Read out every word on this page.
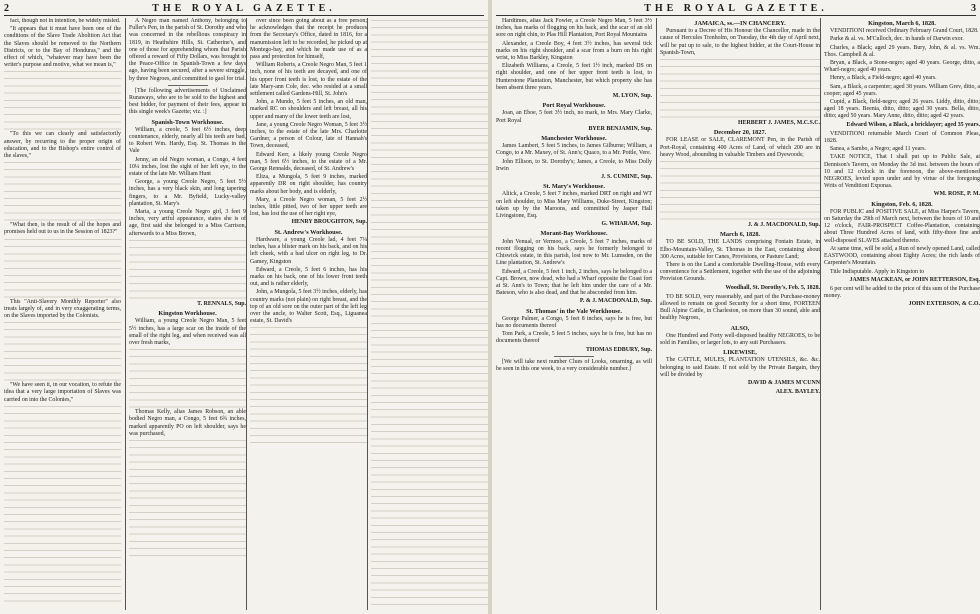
2	THE ROYAL GAZETTE.

fact, though not in intention, be widely misled.

"It appears that it must have been one of the conditions of the Slave Trade Abolition Act that the Slaves should be removed to the Northern Districts, or to the Bay of Honduras," and the effect of which, "whatever may have been the writer's purpose and motive, what we mean is,"

"To this we can clearly and satisfactorily answer, by recurring to the proper origin of education, and to the Bishop's entire control of the slaves,"

"What then, is the result of all the hopes and promises held out to us in the Session of 1823?"

This "Anti-Slavery Monthly Reporter" also treats largely of, and in very exaggerating terms, on the Slaves imported by the Colonists.

"We have seen it, in our vocation, to refute the idea that a very large importation of Slaves was carried on into the Colonies,"

A Negro man named Anthony, belonging to Fuller's Pen, in the parish of St. Dorothy and who was concerned in the rebellious conspiracy in 1819, in Heathshire Hills, St. Catherine's, and one of those for apprehending whom that Parish offered a reward of Fifty Dollars, was brought to the Peace-Office in Spanish-Town a few days ago, having been secured, after a severe struggle, by three Negroes, and committed to gaol for trial.

[The following advertisements of Unclaimed Runaways, who are to be sold to the highest and best bidder, for payment of their fees, appear in this single week's Gazette; viz. :]

Spanish-Town Workhouse.

William, a creole, 5 feet 6½ inches, deep countenance, elderly, nearly all his teeth are bad, to Robert Wm. Hardy, Esq. St. Thomas in the Vale

Jenny, an old Negro woman, a Congo, 4 feet 10¼ inches, lost the sight of her left eye, to the estate of the late Mr. William Hunt

George, a young Creole Negro, 5 feet 5½ inches, has a very black skin, and long tapering fingers, to a Mr. Byfield, Lucky-valley plantation, St. Mary's

Maria, a young Creole Negro girl, 3 feet 9 inches, very artful appearance, states she is of age, first said she belonged to a Miss Carrison, afterwards to a Miss Brown,

T. RENNALS, Sup.
Kingston Workhouse.

William, a young Creole Negro Man, 5 feet 5½ inches, has a large scar on the inside of the small of the right leg, and when received was all over fresh marks,

Thomas Kelly, alias James Robson, an able bodied Negro man, a Congo, 5 feet 6¾ inches, marked apparently PO on left shoulder, says he was purchased,

over since been going about as a free person; he acknowledges that the receipt he produces from the Secretary's Office, dated in 1816, for a manumission left to be recorded, he picked up at Montego-bay, and which he made use of as a pass and protection for himself,

William Roberts, a Creole Negro Man, 5 feet 1 inch, none of his teeth are decayed, and one of his upper front teeth is lost, to the estate of the late Mary-ann Cole, dec. who resided at a small settlement called Gardens-Hill, St. John's

John, a Mundo, 5 feet 5 inches, an old man, marked RC on shoulders and left breast, all his upper and many of the lower teeth are lost,

Jane, a young Creole Negro Woman, 5 feet 3½ inches, to the estate of the late Mrs. Charlotte Gardner, a person of Colour, late of Hannah's Town, deceased,

Edward Kerr, a likely young Creole Negro man, 5 feet 6½ inches, to the estate of a Mr. George Rennalds, deceased, of St. Andrew's

Eliza, a Mungola, 5 feet 9 inches, marked apparently DR on right shoulder, has country marks about her body, and is elderly,

Mary, a Creole Negro woman, 5 feet 2½ inches, little pitted, two of her upper teeth are lost, has lost the use of her right eye,

HENRY BROUGHTON, Sup.
St. Andrew's Workhouse.

Hardware, a young Creole lad, 4 feet 7¼ inches, has a blister mark on his back, and on his left cheek, with a bad ulcer on right leg, to Dr. Gamey, Kingston

Edward, a Creole, 5 feet 6 inches, has his marks on his back, one of his lower front teeth out, and is rather elderly,

John, a Mungola, 5 feet 3½ inches, elderly, has country marks (not plain) on right breast, and the top of an old sore on the outer part of the left leg over the ancle, to Walter Scott, Esq., Liguanea estate, St. David's

THE ROYAL GAZETTE.	3

Hardtimes, alias Jack Fowler, a Creole Negro Man, 5 feet 3½ inches, has marks of flogging on his back, and the scar of an old sore on right chin, to Plas Hill Plantation, Port Royal Mountains

Alexander, a Creole Boy, 4 feet 3½ inches, has several tick marks on his right shoulder, and a scar from a burn on his right wrist, to Miss Barkley, Kingston

Elizabeth Williams, a Creole, 5 feet 1½ inch, marked DS on right shoulder, and one of her upper front teeth is lost, to Hunterstone Plantation, Manchester, but which property she has been absent three years.

M. LYON, Sup.
Port Royal Workhouse.

Joan, an Eboe, 5 feet 3½ inch, no mark, to Mrs. Mary Clarke, Port Royal

BYER BENJAMIN, Sup.
Manchester Workhouse.

James Lambert, 5 feet 5 inches, to James Gilburne; William, a Congo, to a Mr. Maxey, of St. Ann's; Quaco, to a Mr. Pottle, Vere.

John Ellison, to St. Dorothy's; James, a Creole, to Miss Dolly Irwin

J. S. CUMINE, Sup.
St. Mary's Workhouse.

Aliick, a Creole, 5 feet 7 inches, marked DRT on right and WT on left shoulder, to Miss Mary Williams, Duke-Street, Kingston; taken up by the Maroons, and committed by Jasper Hall Livingstone, Esq.

G. WHARAM, Sup.
Morant-Bay Workhouse.

John Venual, or Vermoo, a Creole, 5 feet 7 inches, marks of recent flogging on his back, says he formerly belonged to Chiswick estate, in this parish, lost now to Mr. Lumsden, on the Line plantation, St. Andrew's

Edward, a Creole, 5 feet 1 inch, 2 inches, says he belonged to a Capt. Brown, now dead, who had a Wharf opposite the Coast fort at St. Ann's to Town; that he left him under the care of a Mr. Bateson, who is also dead, and that he absconded from him.

P. & J. MACDONALD, Sup.
St. Thomas' in the Vale Workhouse.

George Palmer, a Congo, 5 feet 8 inches, says he is free, but has no documents thereof

Tom Park, a Creole, 5 feet 5 inches, says he is free, but has no documents thereof

THOMAS EDBURY, Sup.

[We will take next number Clues of Looks, omarning, as will be seen in this one week, to a very considerable number.]

JAMAICA, ss.—IN CHANCERY.

Pursuant to a Decree of His Honour the Chancellor, made in the cause of Hercules Trenholm, on Tuesday, the 4th day of April next, will be put up to sale, to the highest bidder, at the Court-House in Spanish-Town,

HERBERT J. JAMES, M.C.S.C.
December 20, 1827.

FOR LEASE or SALE, CLAREMONT Pen, in the Parish of Port-Royal, containing 400 Acres of Land, of which 200 are in heavy Wood, abounding in valuable Timbers and Dyewoods;

J. & J. MACDONALD, Sup.
March 6, 1828.

TO BE SOLD, THE LANDS comprising Fontain Estate, in Elbo-Mountain-Valley, St. Thomas in the East, containing about 300 Acres, suitable for Canes, Provisions, or Pasture Land;

There is on the Land a comfortable Dwelling-House, with every convenience for a Settlement, together with the use of the adjoining Provision Grounds.

Woodhall, St. Dorothy's, Feb. 5, 1828.

TO BE SOLD, very reasonably, and part of the Purchase-money allowed to remain on good Security for a short time, FORTEEN Bull Alpine Cattle, in Charleston, on more than 30 sound, able and healthy Negroes,

ALSO,

One Hundred and Forty well-disposed healthy NEGROES, to be sold in Families, or larger lots, to any suit Purchasers.

LIKEWISE,

The CATTLE, MULES, PLANTATION UTENSILS, &c. &c. belonging to said Estate. If not sold by the Private Bargain, they will be divided by

DAVID & JAMES M'CUNN
ALEX. BAYLEY.
Kingston, March 6, 1828.

VENDITIONI received Ordinary February Grand Court, 1828.

Parke & al. vs. M'Culloch, dec. in hands of Darwin exor.

Charles, a Black; aged 29 years. Bury, John, & al. vs. Wm. Thos. Campbell & al.

Bryan, a Black, a Stone-negro; aged 40 years. George, ditto, a Wharf-negro; aged 40 years.

Henry, a Black, a Field-negro; aged 40 years.

Sam, a Black, a carpenter; aged 38 years. William Grev, ditto, a cooper; aged 45 years.

Cupid, a Black, field-negro; aged 26 years. Liddy, ditto, ditto; aged 18 years. Beenia, ditto, ditto; aged 30 years. Bella, ditto, ditto; aged 50 years. Mary Anne, ditto, ditto; aged 42 years.

Edward Wilson, a Black, a bricklayer; aged 35 years.

VENDITIONI returnable March Court of Common Pleas, 1828.

Sanea, a Sambo, a Negro; aged 11 years.

TAKE NOTICE, That I shall put up to Public Sale, at Dennison's Tavern, on Monday the 3d inst. between the hours of 10 and 12 o'clock in the forenoon, the above-mentioned NEGROES, levied upon under and by virtue of the foregoing Writs of Venditioni Exponas.

WM. ROSE, P. M.
Kingston, Feb. 6, 1828.

FOR PUBLIC and POSITIVE SALE, at Miss Harper's Tavern, on Saturday the 29th of March next, between the hours of 10 and 12 o'clock, FAIR-PROSPECT Coffee-Plantation, containing about Three Hundred Acres of land, with fifty-three fine and well-disposed SLAVES attached thereto.

At same time, will be sold, a Run of newly opened Land, called EASTWOOD, containing about Eighty Acres; the rich lands of Carpenter's Mountain.

Title Indisputable. Apply in Kingston to

JAMES MACKEAN, or JOHN RETTERSON, Esq.

6 per cent will be added to the price of this sum of the Purchase money.

JOHN EXTERSON, & C.O.
